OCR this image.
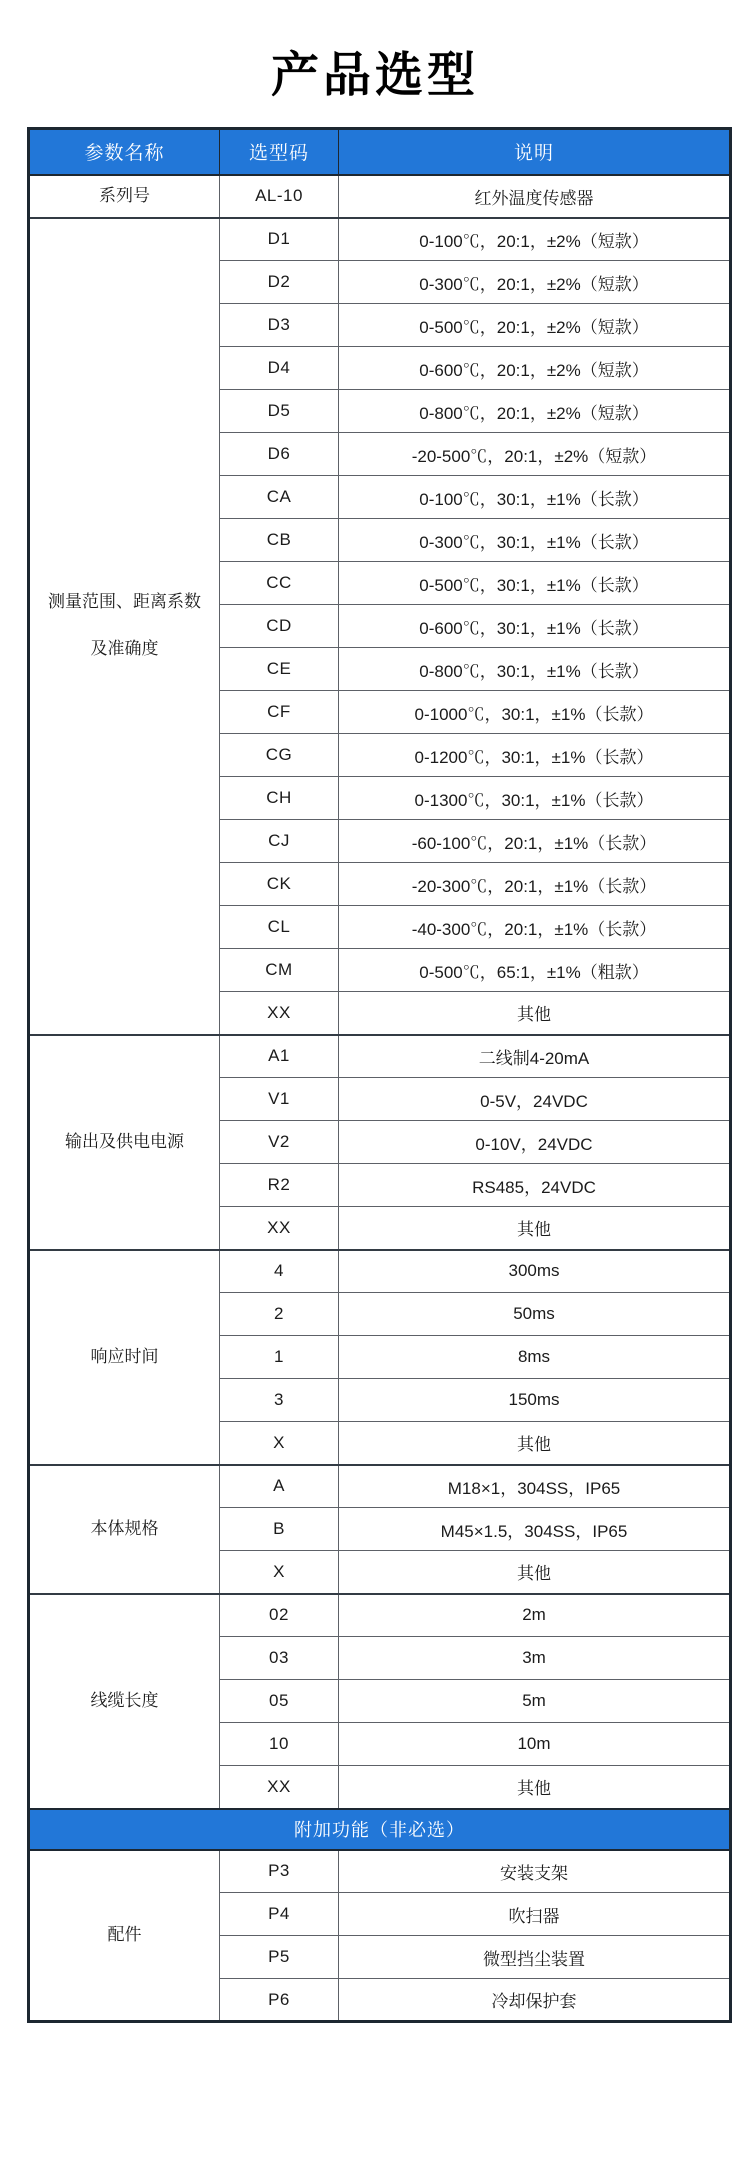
产品选型
参数名称	选型码	说明

系列号	AL-10	红外温度传感器

测量范围、距离系数
及准确度	D1	0-100℃，20:1，±2%（短款）
	D2	0-300℃，20:1，±2%（短款）
	D3	0-500℃，20:1，±2%（短款）
	D4	0-600℃，20:1，±2%（短款）
	D5	0-800℃，20:1，±2%（短款）
	D6	-20-500℃，20:1，±2%（短款）
	CA	0-100℃，30:1，±1%（长款）
	CB	0-300℃，30:1，±1%（长款）
	CC	0-500℃，30:1，±1%（长款）
	CD	0-600℃，30:1，±1%（长款）
	CE	0-800℃，30:1，±1%（长款）
	CF	0-1000℃，30:1，±1%（长款）
	CG	0-1200℃，30:1，±1%（长款）
	CH	0-1300℃，30:1，±1%（长款）
	CJ	-60-100℃，20:1，±1%（长款）
	CK	-20-300℃，20:1，±1%（长款）
	CL	-40-300℃，20:1，±1%（长款）
	CM	0-500℃，65:1，±1%（粗款）
	XX	其他

输出及供电电源	A1	二线制4-20mA
	V1	0-5V，24VDC
	V2	0-10V，24VDC
	R2	RS485，24VDC
	XX	其他

响应时间	4	300ms
	2	50ms
	1	8ms
	3	150ms
	X	其他

本体规格	A	M18×1，304SS，IP65
	B	M45×1.5，304SS，IP65
	X	其他

线缆长度	02	2m
	03	3m
	05	5m
	10	10m
	XX	其他
附加功能（非必选）		

配件	P3	安装支架
	P4	吹扫器
	P5	微型挡尘装置
	P6	冷却保护套
